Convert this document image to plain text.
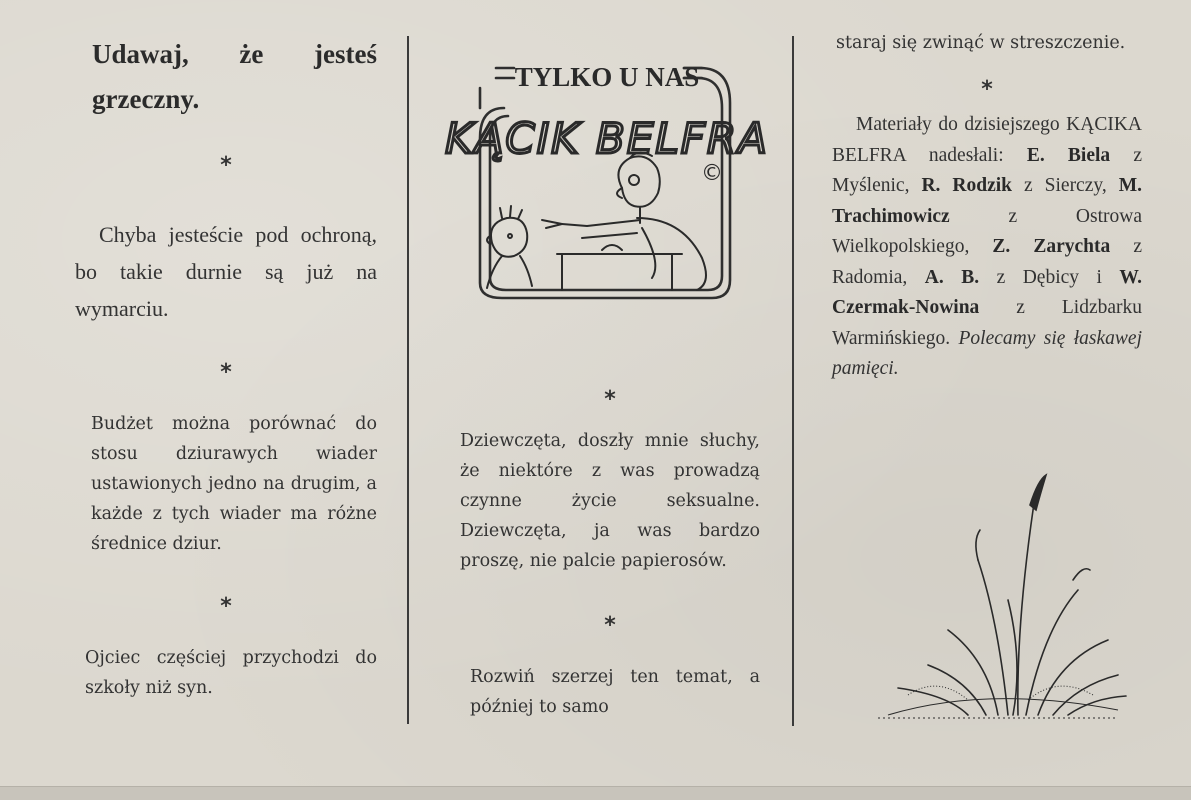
Udawaj, że jesteś grzeczny.

*

Chyba jesteście pod ochroną, bo takie durnie są już na wymarciu.

*

Budżet można porównać do stosu dziurawych wiader ustawionych jedno na drugim, a każde z tych wiader ma różne średnice dziur.

*

Ojciec częściej przychodzi do szkoły niż syn.

TYLKO U NAS
KĄCIK BELFRA
©
*

Dziewczęta, doszły mnie słuchy, że niektóre z was prowadzą czynne życie seksualne. Dziewczęta, ja was bardzo proszę, nie palcie papierosów.

*

Rozwiń szerzej ten temat, a później to samo

staraj się zwinąć w streszczenie.

*

Materiały do dzisiejszego KĄCIKA BELFRA nadesłali: E. Biela z Myślenic, R. Rodzik z Sierczy, M. Trachimowicz	z Ostrowa Wielkopolskiego, Z. Zarychta z Radomia, A. B. z Dębicy i W. Czermak-Nowina z Lidzbarku Warmińskiego. Polecamy się łaskawej pamięci.
